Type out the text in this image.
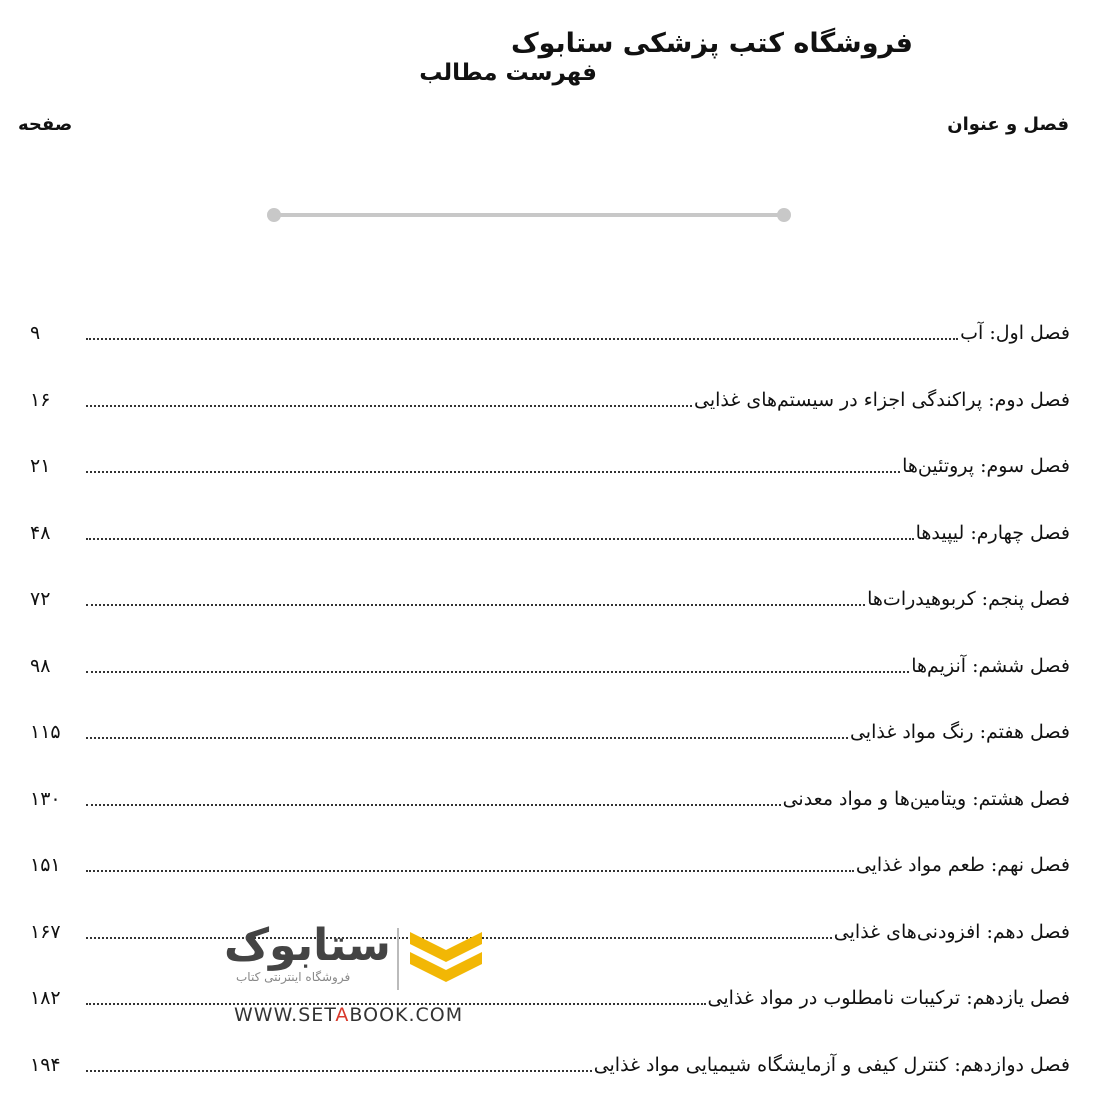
فروشگاه کتب پزشکی ستابوک
فهرست مطالب
فصل و عنوان
صفحه
فصل اول: آب
۹
فصل دوم: پراکندگی اجزاء در سیستم‌های غذایی
۱۶
فصل سوم: پروتئین‌ها
۲۱
فصل چهارم: لیپیدها
۴۸
فصل پنجم: کربوهیدرات‌ها
۷۲
فصل ششم: آنزیم‌ها
۹۸
فصل هفتم: رنگ مواد غذایی
۱۱۵
فصل هشتم: ویتامین‌ها و مواد معدنی
۱۳۰
فصل نهم: طعم مواد غذایی
۱۵۱
فصل دهم: افزودنی‌های غذایی
۱۶۷
فصل یازدهم: ترکیبات نامطلوب در مواد غذایی
۱۸۲
فصل دوازدهم: کنترل کیفی و آزمایشگاه شیمیایی مواد غذایی
۱۹۴
ستابوک
فروشگاه اینترنتی کتاب
WWW.SETABOOK.COM
